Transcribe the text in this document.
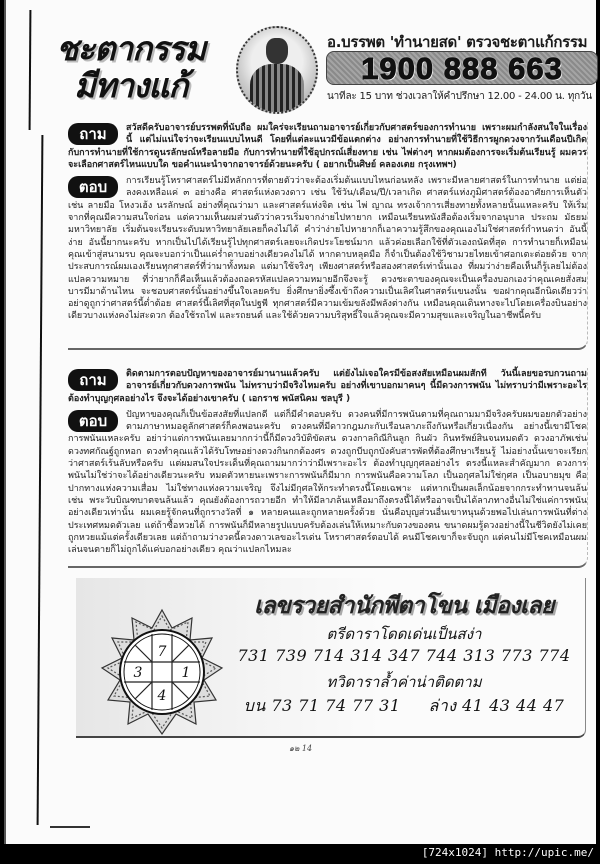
ชะตากรรม
มีทางแก้
อ.บรรพต 'ทำนายสด' ตรวจชะตาแก้กรรม
1900 888 663
นาทีละ 15 บาท ช่วงเวลาให้คำปรึกษา 12.00 - 24.00 น. ทุกวัน
ถาม	สวัสดีครับอาจารย์บรรพตที่นับถือ ผมใคร่จะเรียนถามอาจารย์เกี่ยวกับศาสตร์ของการทำนาย เพราะผมกำลังสนใจในเรื่องนี้ แต่ไม่แน่ใจว่าจะเรียนแบบไหนดี โดยที่แต่ละแนวมีข้อแตกต่าง อย่างการทำนายที่ใช้วิธีการผูกดวงจากวันเดือนปีเกิด กับการทำนายที่ใช้การดูนรลักษณ์หรือลายมือ กับการทำนายที่ใช้อุปกรณ์เสี่ยงทาย เช่น ไพ่ต่างๆ หากผมต้องการจะเริ่มต้นเรียนรู้ ผมควรจะเลือกศาสตร์ไหนแบบใด ขอคำแนะนำจากอาจารย์ด้วยนะครับ ( อยากเป็นศิษย์ คลองเตย กรุงเทพฯ)
ตอบ	การเรียนรู้โหราศาสตร์ไม่มีหลักการที่ตายตัวว่าจะต้องเริ่มต้นแบบไหนก่อนหลัง เพราะมีหลายศาสตร์ในการทำนาย แต่ย่อลงคงเหลือแค่ ๓ อย่างคือ ศาสตร์แห่งดวงดาว เช่น ใช้วัน/เดือน/ปี/เวลาเกิด ศาสตร์แห่งภูมิศาสตร์ต้องอาศัยการเห็นตัว เช่น ลายมือ โหงวเฮ้ง นรลักษณ์ อย่างที่คุณว่ามา และศาสตร์แห่งจิต เช่น ไพ่ ญาณ ทรงเจ้าการเสี่ยงทายทั้งหลายนั้นแหละครับ ให้เริ่มจากที่คุณมีความสนใจก่อน แต่ความเห็นผมส่วนตัวว่าควรเริ่มจากง่ายไปหายาก เหมือนเรียนหนังสือต้องเริ่มจากอนุบาล ประถม มัธยม มหาวิทยาลัย เริ่มต้นจะเรียนระดับมหาวิทยาลัยเลยก็คงไม่ได้ คำว่าง่ายไปหายากก็เอาความรู้สึกของคุณเองไม่ใช่ศาสตร์กำหนดว่า อันนี้ง่าย อันนี้ยากนะครับ หากเป็นไปได้เรียนรู้ไปทุกศาสตร์เลยจะเกิดประโยชน์มาก แล้วค่อยเลือกใช้ที่ตัวเองถนัดที่สุด การทำนายก็เหมือนคุณเข้าสู่สนามรบ คุณจะบอกว่าเป็นแค่ร่ำดาบอย่างเดียวคงไม่ได้ หากดาบหลุดมือ ก็จำเป็นต้องใช้วิชามวยไทยเข้าศอกเตะต่อยด้วย จากประสบการณ์ผมเองเรียนทุกศาสตร์ที่ว่ามาทั้งหมด แต่มาใช้จริงๆ เพียงศาสตร์หรือสองศาสตร์เท่านั้นเอง ที่ผมว่าง่ายคือเห็นก็รู้เลยไม่ต้องแปลความหมาย ที่ว่ายากก็คือเห็นแล้วต้องถอดรหัสแปลความหมายอีกจึงจะรู้ ดวงชะตาของคุณจะเป็นเครื่องบอกเองว่าคุณเคยสั่งสมบารมีมาด้านไหน จะชอบศาสตร์นั้นอย่างขึ้นใจเลยครับ ยิ่งศึกษายิ่งซึ้งเข้าถึงความเป็นเลิศในศาสตร์แขนงนั้น ขอฝากคุณอีกนิดเดียวว่าอย่าดูถูกว่าศาสตร์นี้ต่ำต้อย ศาสตร์นี้เลิศที่สุดในปฐพี ทุกศาสตร์มีความเข้มขลังมีพลังต่างกัน เหมือนคุณเดินทางจะไปโดยเครื่องบินอย่างเดียวบางแห่งคงไม่สะดวก ต้องใช้รถไฟ และรถยนต์ และใช้ด้วยความบริสุทธิ์ใจแล้วคุณจะมีความสุขและเจริญในอาชีพนี้ครับ
ถาม	ติดตามการตอบปัญหาของอาจารย์มานานแล้วครับ แต่ยังไม่เจอใครมีข้อสงสัยเหมือนผมสักที วันนี้เลยขอรบกวนถามอาจารย์เกี่ยวกับดวงการพนัน ไม่ทราบว่ามีจริงไหมครับ อย่างที่เขาบอกมาคนๆ นี้มีดวงการพนัน ไม่ทราบว่ามีเพราะอะไร ต้องทำบุญกุศลอย่างไร จึงจะได้อย่างเขาครับ ( เอกราช พนัสนิคม ชลบุรี )
ตอบ	ปัญหาของคุณก็เป็นข้อสงสัยที่แปลกดี แต่ก็มีคำตอบครับ ดวงคนที่มีการพนันตามที่คุณถามมามีจริงครับผมขอยกตัวอย่างตามภาษาหมอดูลักศาสตร์ก็คงพอนะครับ ดวงคนที่มีดาวกฎมภะกับเรือนลาภะถึงกันหรือเกี่ยวเนื่องกัน อย่างนี้เขามีโชคการพนันแหละครับ อย่าว่าแต่การพนันเลยมากกว่านี้ก็มีดวงวิบัติขัดสน ดวงกาลกิณีกินลูก กินผัว กินทรัพย์สินจนหมดตัว ดวงอาภัพเช่นดวงทศกัณฐ์ถูกหอก ดวงทำคุณแล้วได้รับโทษอย่างดวงกินกกต้องศร ดวงถูกบีบถูกบังคับสารพัดที่ต้องศึกษาเรียนรู้ ไม่อย่างนั้นเขาจะเรียกว่าศาสตร์เร้นลับหรือครับ แต่ผมสนใจประเด็นที่คุณถามมากว่าว่ามีเพราะอะไร ต้องทำบุญกุศลอย่างไร ตรงนี้แหละสำคัญมาก ดวงการพนันไม่ใช่ว่าจะได้อย่างเดียวนะครับ หมดตัวหายนะเพราะการพนันก็มีมาก การพนันคือความโลภ เป็นอกุศลไม่ใช่กุศล เป็นอบายมุข คือ ปากทางแห่งความเสื่อม ไม่ใช่ทางแห่งความเจริญ จึงไม่มีกุศลให้กระทำตรงนี้โดยเฉพาะ แต่หากเป็นผลเล็กน้อยจากกระทำทานจนล้น เช่น พระวับบิณฑบาตจนล้นแล้ว คุณยังต้องการถวายอีก ทำให้มีลาภล้นเหลือมาถึงตรงนี้ได้หรืออาจเป็นได้ลาภทางอื่นไม่ใช่แค่การพนันอย่างเดียวเท่านั้น ผมเคยรู้จักคนที่ถูกรางวัลที่ ๑ หลายคนและถูกหลายครั้งด้วย นั่นคือบุญส่วนอื่นเขาหนุนด้วยพอไปเล่นการพนันที่ต่างประเทศหมดตัวเลย แต่ถ้าซื้อหวยได้ การพนันก็มีหลายรูปแบบครับต้องเล่นให้เหมาะกับดวงของตน ขนาดผมรู้ดวงอย่างนี้ในชีวิตยังไม่เคยถูกหวยแม้แต่ครั้งเดียวเลย แต่ถ้าถามว่างวดนี้ดวงดาวเลขอะไรเด่น โหราศาสตร์ตอบได้ คนมีโชคเขาก็จะจับถูก แต่คนไม่มีโชคเหมือนผมเล่นจนตายก็ไม่ถูกได้แค่บอกอย่างเดียว คุณว่าแปลกไหมละ
7
3	1
4
เลขรวยสำนักพีตาโขน เมืองเลย
ตรีดาราโดดเด่นเป็นสง่า
731 739 714 314 347 744 313 773 774
ทวิดาราล้ำค่าน่าติดตาม
บน 73 71 74 77 31 ล่าง 41 43 44 47
๑๒ 14
[724x1024] http://upic.me/
